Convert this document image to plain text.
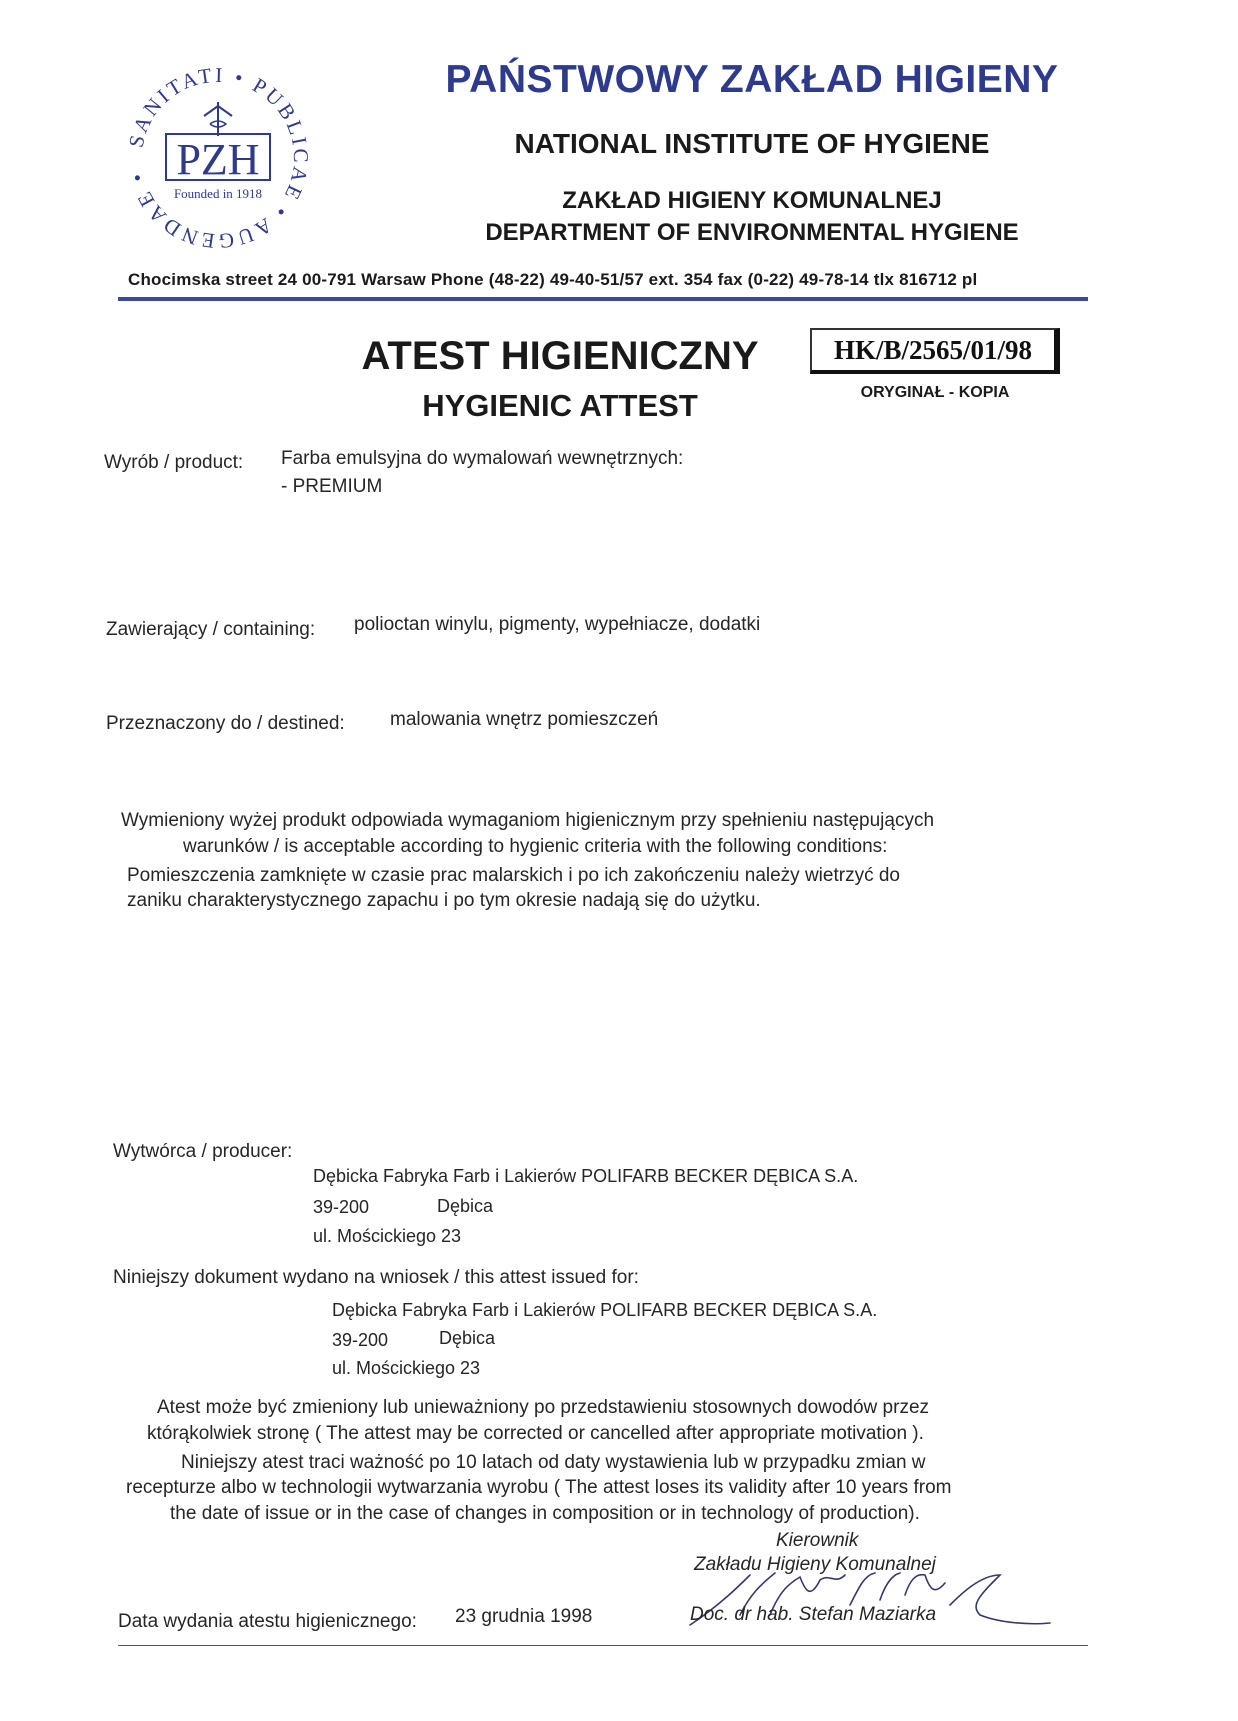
SANITATI • PUBLICAE • AUGENDAE • PZH
Founded in 1918
PAŃSTWOWY ZAKŁAD HIGIENY
NATIONAL INSTITUTE OF HYGIENE
ZAKŁAD HIGIENY KOMUNALNEJ
DEPARTMENT OF ENVIRONMENTAL HYGIENE
Chocimska street 24 00-791 Warsaw Phone (48-22) 49-40-51/57 ext. 354 fax (0-22) 49-78-14 tlx 816712 pl
ATEST HIGIENICZNY
HYGIENIC ATTEST
HK/B/2565/01/98
ORYGINAŁ - KOPIA
Wyrób / product: Farba emulsyjna do wymalowań wewnętrznych:
- PREMIUM
Zawierający / containing: polioctan winylu, pigmenty, wypełniacze, dodatki
Przeznaczony do / destined: malowania wnętrz pomieszczeń
Wymieniony wyżej produkt odpowiada wymaganiom higienicznym przy spełnieniu następujących
warunków / is acceptable according to hygienic criteria with the following conditions:
Pomieszczenia zamknięte w czasie prac malarskich i po ich zakończeniu należy wietrzyć do
zaniku charakterystycznego zapachu i po tym okresie nadają się do użytku.
Wytwórca / producer:
Dębicka Fabryka Farb i Lakierów POLIFARB BECKER DĘBICA S.A.
39-200	Dębica
ul. Mościckiego 23
Niniejszy dokument wydano na wniosek / this attest issued for:
Dębicka Fabryka Farb i Lakierów POLIFARB BECKER DĘBICA S.A.
39-200	Dębica
ul. Mościckiego 23
Atest może być zmieniony lub unieważniony po przedstawieniu stosownych dowodów przez
którąkolwiek stronę ( The attest may be corrected or cancelled after appropriate motivation ).
Niniejszy atest traci ważność po 10 latach od daty wystawienia lub w przypadku zmian w
recepturze albo w technologii wytwarzania wyrobu ( The attest loses its validity after 10 years from
the date of issue or in the case of changes in composition or in technology of production).
Data wydania atestu higienicznego: 23 grudnia 1998
Kierownik
Zakładu Higieny Komunalnej
Doc. dr hab. Stefan Maziarka
